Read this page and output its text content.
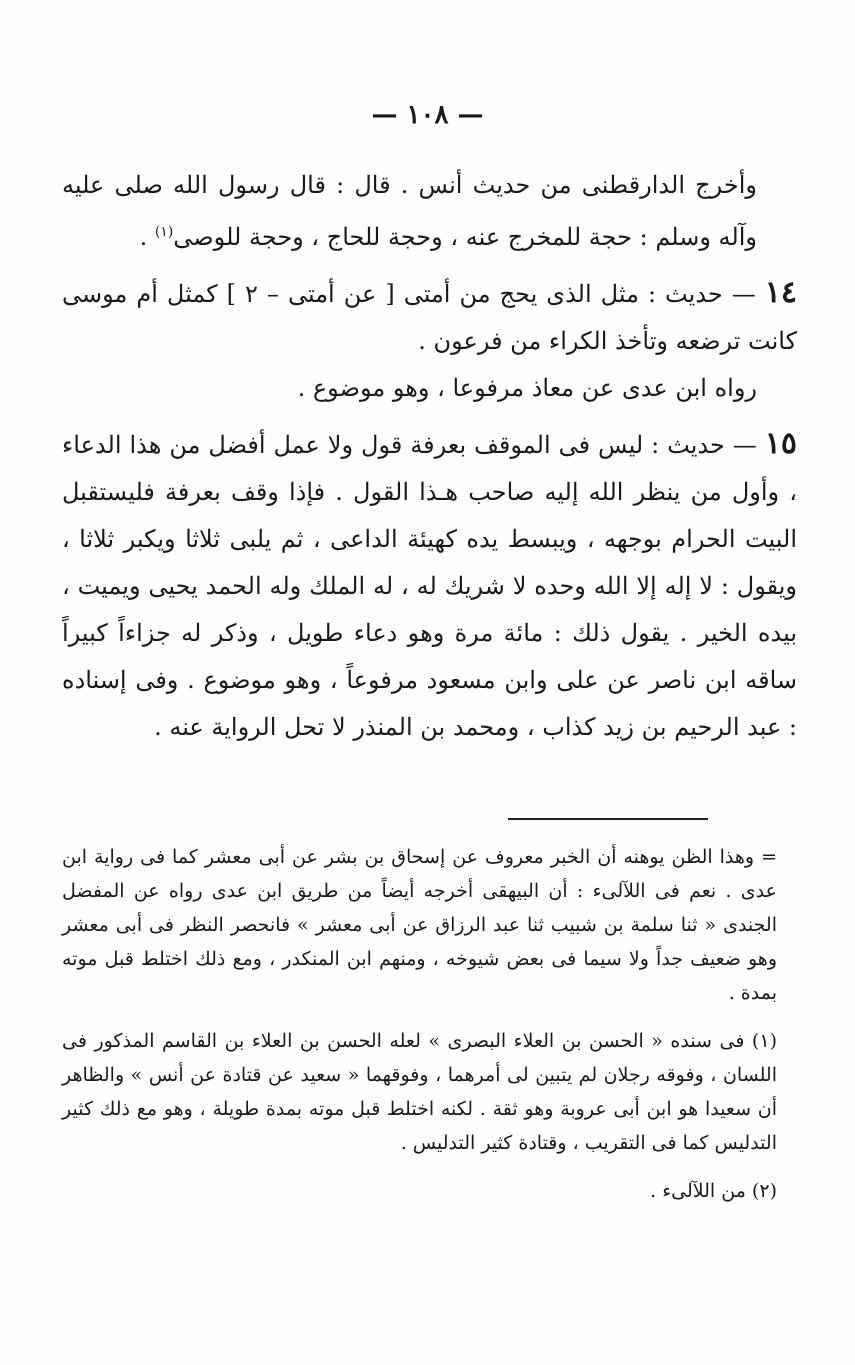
— ١٠٨ —

وأخرج الدارقطنى من حديث أنس . قال : قال رسول الله صلى عليه وآله وسلم : حجة للمخرج عنه ، وحجة للحاج ، وحجة للوصى$^{(١)}$ .

١٤ — حديث : مثل الذى يحج من أمتى [ عن أمتى – ٢ ] كمثل أم موسى كانت ترضعه وتأخذ الكراء من فرعون .

رواه ابن عدى عن معاذ مرفوعا ، وهو موضوع .

١٥ — حديث : ليس فى الموقف بعرفة قول ولا عمل أفضل من هذا الدعاء ، وأول من ينظر الله إليه صاحب هـذا القول . فإذا وقف بعرفة فليستقبل البيت الحرام بوجهه ، ويبسط يده كهيئة الداعى ، ثم يلبى ثلاثا ويكبر ثلاثا ، ويقول : لا إله إلا الله وحده لا شريك له ، له الملك وله الحمد يحيى ويميت ، بيده الخير . يقول ذلك : مائة مرة وهو دعاء طويل ، وذكر له جزاءاً كبيراً ساقه ابن ناصر عن على وابن مسعود مرفوعاً ، وهو موضوع . وفى إسناده : عبد الرحيم بن زيد كذاب ، ومحمد بن المنذر لا تحل الرواية عنه .

= وهذا الظن يوهنه أن الخبر معروف عن إسحاق بن بشر عن أبى معشر كما فى رواية ابن عدى . نعم فى اللآلىء : أن البيهقى أخرجه أيضاً من طريق ابن عدى رواه عن المفضل الجندى « ثنا سلمة بن شبيب ثنا عبد الرزاق عن أبى معشر » فانحصر النظر فى أبى معشر وهو ضعيف جداً ولا سيما فى بعض شيوخه ، ومنهم ابن المنكدر ، ومع ذلك اختلط قبل موته بمدة .

(١) فى سنده « الحسن بن العلاء البصرى » لعله الحسن بن العلاء بن القاسم المذكور فى اللسان ، وفوقه رجلان لم يتبين لى أمرهما ، وفوقهما « سعيد عن قتادة عن أنس » والظاهر أن سعيدا هو ابن أبى عروبة وهو ثقة . لكنه اختلط قبل موته بمدة طويلة ، وهو مع ذلك كثير التدليس كما فى التقريب ، وقتادة كثير التدليس .

(٢) من اللآلىء .
